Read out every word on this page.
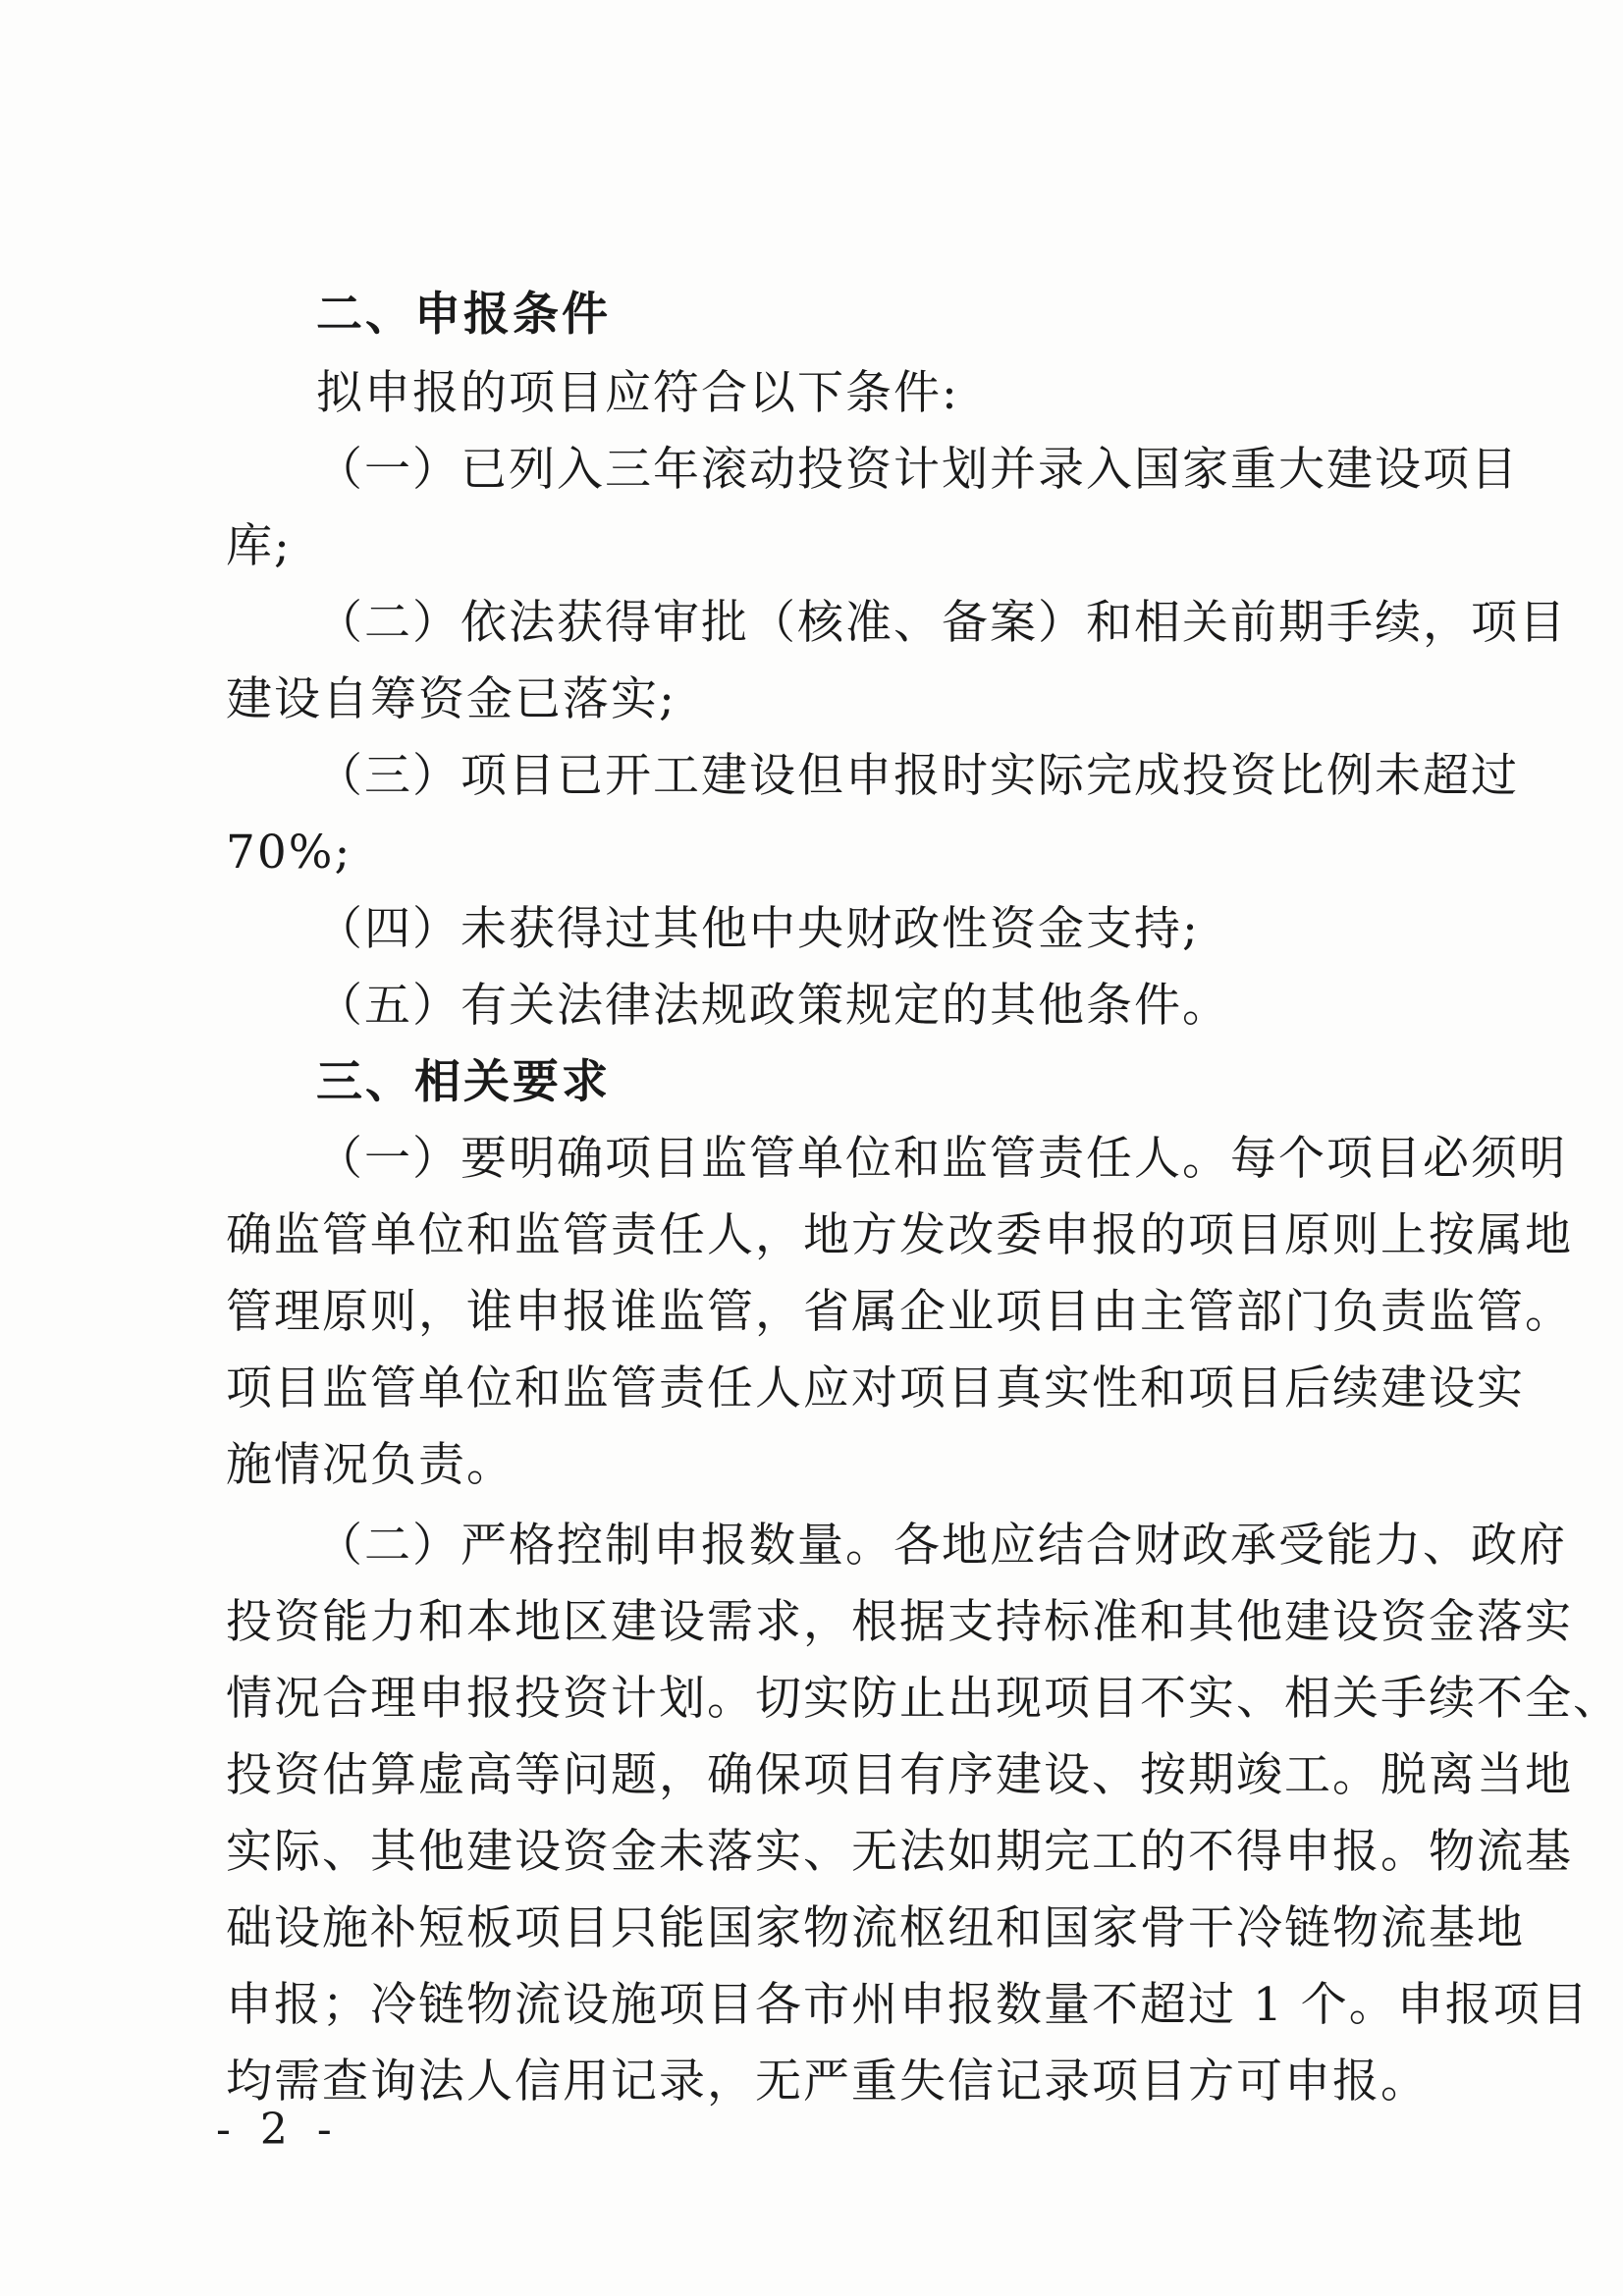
二、申报条件
拟申报的项目应符合以下条件:
（一）已列入三年滚动投资计划并录入国家重大建设项目
库;
（二）依法获得审批（核准、备案）和相关前期手续，项目
建设自筹资金已落实;
（三）项目已开工建设但申报时实际完成投资比例未超过
70%;
（四）未获得过其他中央财政性资金支持;
（五）有关法律法规政策规定的其他条件。
三、相关要求
（一）要明确项目监管单位和监管责任人。每个项目必须明
确监管单位和监管责任人，地方发改委申报的项目原则上按属地
管理原则，谁申报谁监管，省属企业项目由主管部门负责监管。
项目监管单位和监管责任人应对项目真实性和项目后续建设实
施情况负责。
（二）严格控制申报数量。各地应结合财政承受能力、政府
投资能力和本地区建设需求，根据支持标准和其他建设资金落实
情况合理申报投资计划。切实防止出现项目不实、相关手续不全、
投资估算虚高等问题，确保项目有序建设、按期竣工。脱离当地
实际、其他建设资金未落实、无法如期完工的不得申报。物流基
础设施补短板项目只能国家物流枢纽和国家骨干冷链物流基地
申报；冷链物流设施项目各市州申报数量不超过 1 个。申报项目
均需查询法人信用记录，无严重失信记录项目方可申报。
- 2 -
